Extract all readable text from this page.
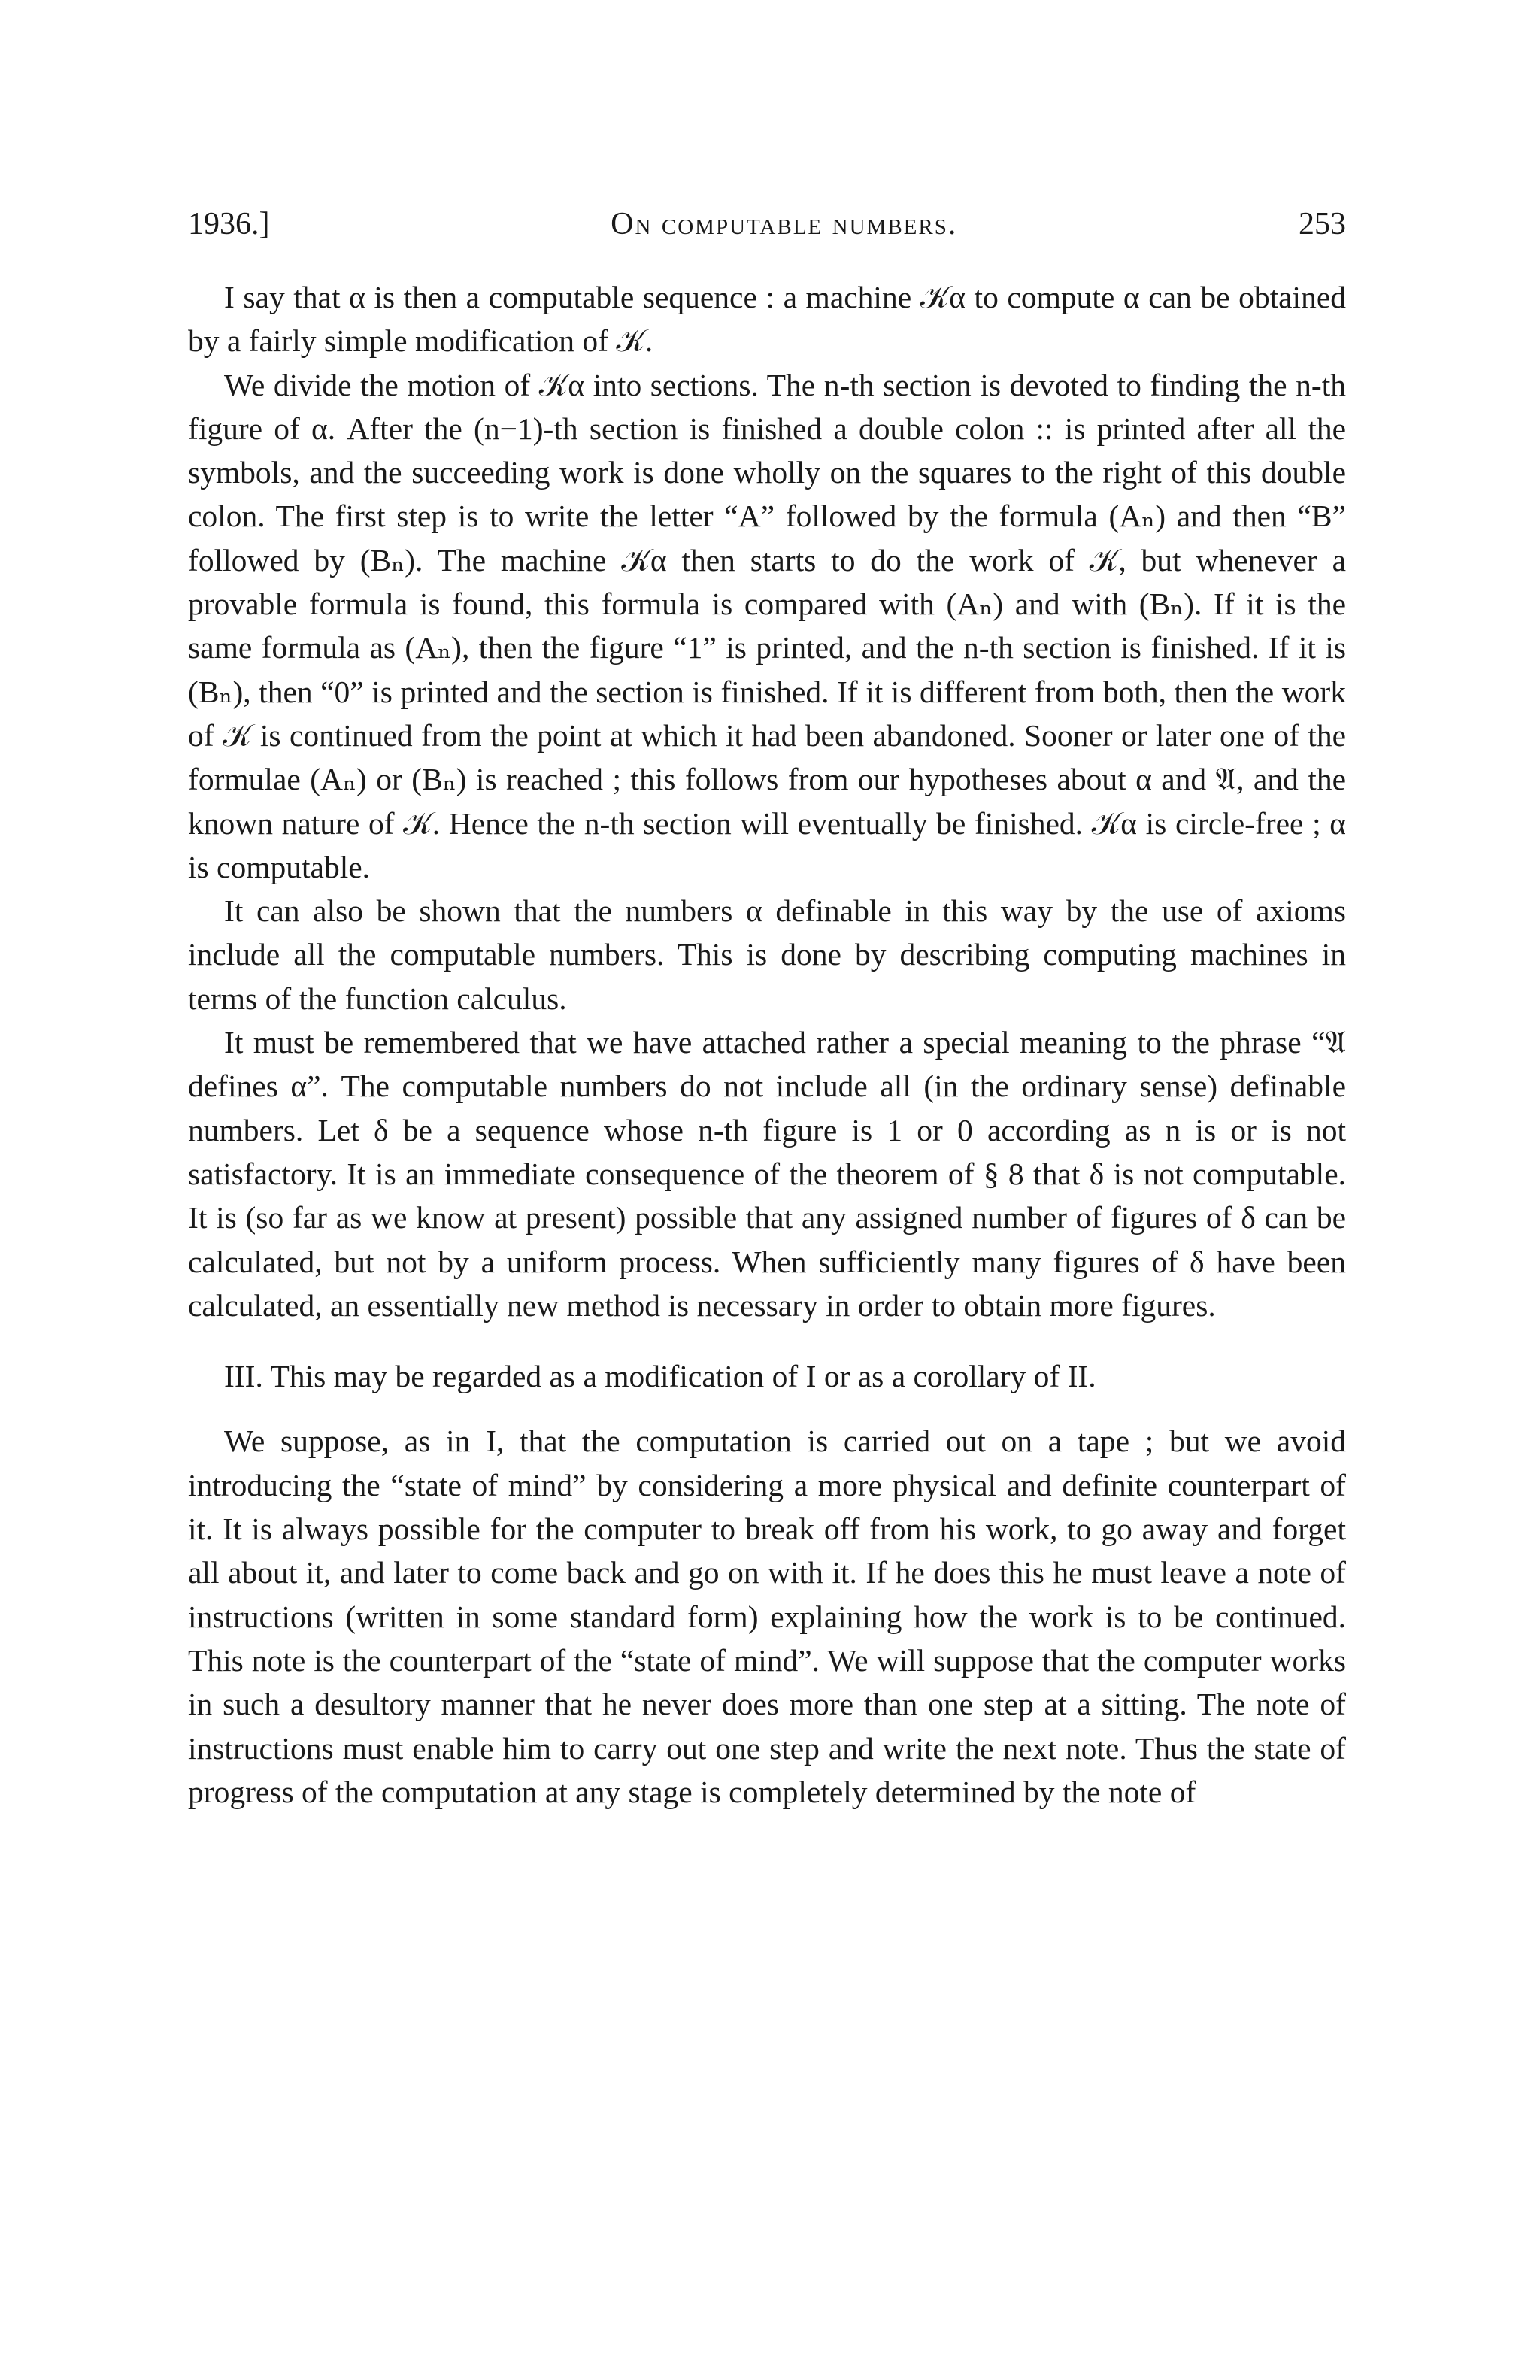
1936.]	On computable numbers.	253

I say that α is then a computable sequence : a machine 𝒦α to compute α can be obtained by a fairly simple modification of 𝒦.

We divide the motion of 𝒦α into sections. The n-th section is devoted to finding the n-th figure of α. After the (n−1)-th section is finished a double colon :: is printed after all the symbols, and the succeeding work is done wholly on the squares to the right of this double colon. The first step is to write the letter “A” followed by the formula (Aₙ) and then “B” followed by (Bₙ). The machine 𝒦α then starts to do the work of 𝒦, but whenever a provable formula is found, this formula is compared with (Aₙ) and with (Bₙ). If it is the same formula as (Aₙ), then the figure “1” is printed, and the n-th section is finished. If it is (Bₙ), then “0” is printed and the section is finished. If it is different from both, then the work of 𝒦 is continued from the point at which it had been abandoned. Sooner or later one of the formulae (Aₙ) or (Bₙ) is reached ; this follows from our hypotheses about α and 𝔄, and the known nature of 𝒦. Hence the n-th section will eventually be finished. 𝒦α is circle-free ; α is computable.

It can also be shown that the numbers α definable in this way by the use of axioms include all the computable numbers. This is done by describing computing machines in terms of the function calculus.

It must be remembered that we have attached rather a special meaning to the phrase “𝔄 defines α”. The computable numbers do not include all (in the ordinary sense) definable numbers. Let δ be a sequence whose n-th figure is 1 or 0 according as n is or is not satisfactory. It is an immediate consequence of the theorem of § 8 that δ is not computable. It is (so far as we know at present) possible that any assigned number of figures of δ can be calculated, but not by a uniform process. When sufficiently many figures of δ have been calculated, an essentially new method is necessary in order to obtain more figures.

III. This may be regarded as a modification of I or as a corollary of II.

We suppose, as in I, that the computation is carried out on a tape ; but we avoid introducing the “state of mind” by considering a more physical and definite counterpart of it. It is always possible for the computer to break off from his work, to go away and forget all about it, and later to come back and go on with it. If he does this he must leave a note of instructions (written in some standard form) explaining how the work is to be continued. This note is the counterpart of the “state of mind”. We will suppose that the computer works in such a desultory manner that he never does more than one step at a sitting. The note of instructions must enable him to carry out one step and write the next note. Thus the state of progress of the computation at any stage is completely determined by the note of
